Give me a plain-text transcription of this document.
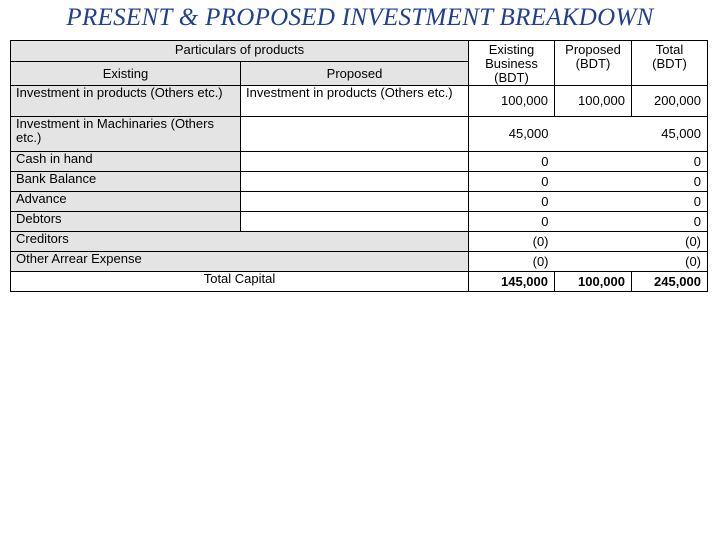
PRESENT & PROPOSED INVESTMENT BREAKDOWN
Particulars of products		Existing Business (BDT)	Proposed (BDT)	Total (BDT)
Existing	Proposed			
Investment in products (Others etc.)	Investment in products (Others etc.)	100,000	100,000	200,000
Investment in Machinaries (Others etc.)		45,000		45,000
Cash in hand		0		0
Bank Balance		0		0
Advance		0		0
Debtors		0		0
Creditors		(0)		(0)
Other Arrear Expense		(0)		(0)
Total Capital		145,000	100,000	245,000
